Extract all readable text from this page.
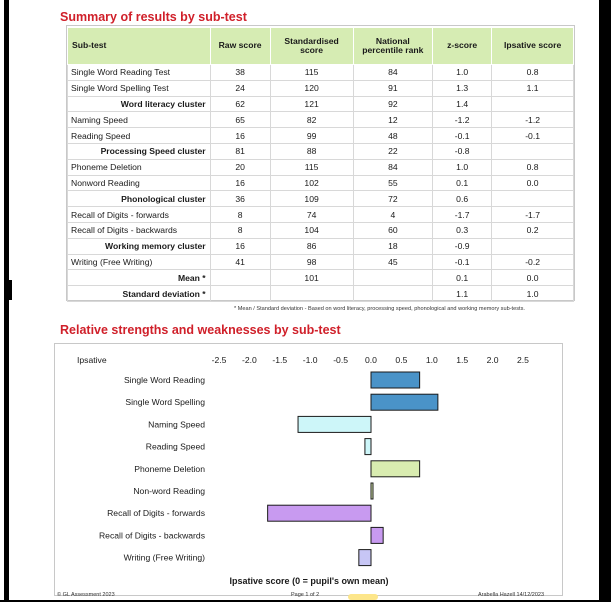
Summary of results by sub-test
Sub-test	Raw score	Standardised score	National percentile rank	z-score	Ipsative score
Single Word Reading Test	38	115	84	1.0	0.8
Single Word Spelling Test	24	120	91	1.3	1.1
Word literacy cluster	62	121	92	1.4	
Naming Speed	65	82	12	-1.2	-1.2
Reading Speed	16	99	48	-0.1	-0.1
Processing Speed cluster	81	88	22	-0.8	
Phoneme Deletion	20	115	84	1.0	0.8
Nonword Reading	16	102	55	0.1	0.0
Phonological cluster	36	109	72	0.6	
Recall of Digits - forwards	8	74	4	-1.7	-1.7
Recall of Digits - backwards	8	104	60	0.3	0.2
Working memory cluster	16	86	18	-0.9	
Writing (Free Writing)	41	98	45	-0.1	-0.2
Mean *		101		0.1	0.0
Standard deviation *				1.1	1.0
* Mean / Standard deviation - Based on word literacy, processing speed, phonological and working memory sub-tests.
Relative strengths and weaknesses by sub-test
Ipsative	-2.5 -2.0 -1.5 -1.0 -0.5 0.0 0.5 1.0 1.5 2.0 2.5
Single Word Reading
Single Word Spelling
Naming Speed
Reading Speed
Phoneme Deletion
Non-word Reading
Recall of Digits - forwards
Recall of Digits - backwards
Writing (Free Writing)
Ipsative score (0 = pupil's own mean)
© GL Assessment 2023	Page 1 of 2	Arabella Hazell 14/12/2023
